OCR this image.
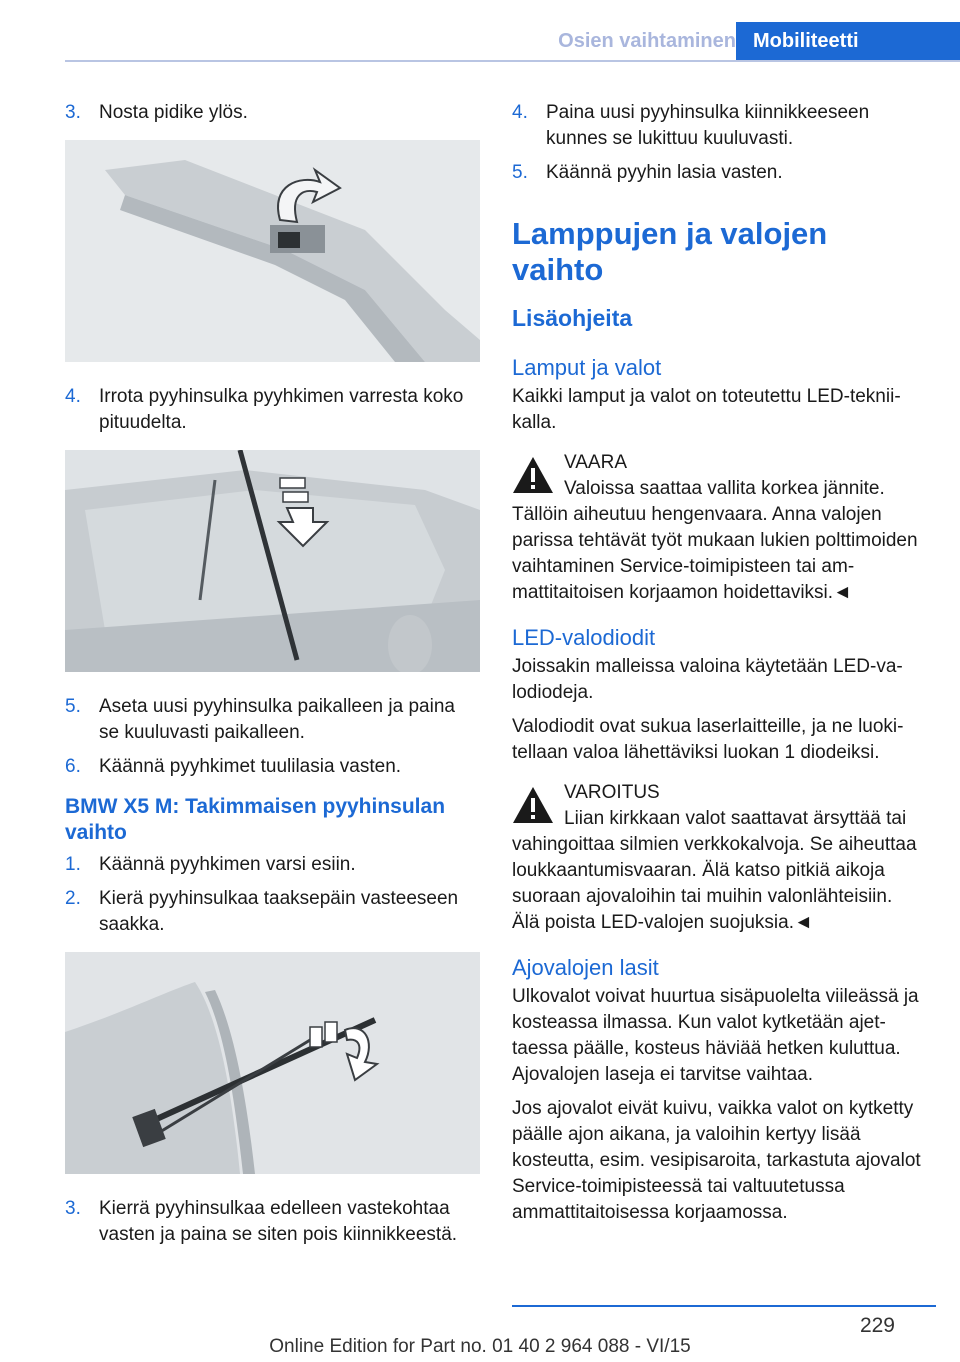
Osien vaihtaminen Mobiliteetti
3. Nosta pidike ylös.
4. Irrota pyyhinsulka pyyhkimen varresta koko pituudelta.
5. Aseta uusi pyyhinsulka paikalleen ja paina se kuuluvasti paikalleen.
6. Käännä pyyhkimet tuulilasia vasten.
BMW X5 M: Takimmaisen pyyhinsulan vaihto
1. Käännä pyyhkimen varsi esiin.
2. Kierä pyyhinsulkaa taaksepäin vasteeseen saakka.
3. Kierrä pyyhinsulkaa edelleen vastekohtaa vasten ja paina se siten pois kiinnikkeestä.
4. Paina uusi pyyhinsulka kiinnikkeeseen kunnes se lukittuu kuuluvasti.
5. Käännä pyyhin lasia vasten.
Lamppujen ja valojen vaihto
Lisäohjeita
Lamput ja valot
Kaikki lamput ja valot on toteutettu LED-tekniikalla.
VAARA
Valoissa saattaa vallita korkea jännite. Tällöin aiheutuu hengenvaara. Anna valojen parissa tehtävät työt mukaan lukien polttimoiden vaihtaminen Service-toimipisteen tai ammattitaitoisen korjaamon hoidettaviksi.◄
LED-valodiodit
Joissakin malleissa valoina käytetään LED-valodiodeja.
Valodiodit ovat sukua laserlaitteille, ja ne luokitellaan valoa lähettäviksi luokan 1 diodeiksi.
VAROITUS
Liian kirkkaan valot saattavat ärsyttää tai vahingoittaa silmien verkkokalvoja. Se aiheuttaa loukkaantumisvaaran. Älä katso pitkiä aikoja suoraan ajovaloihin tai muihin valonlähteisiin. Älä poista LED-valojen suojuksia.◄
Ajovalojen lasit
Ulkovalot voivat huurtua sisäpuolelta viileässä ja kosteassa ilmassa. Kun valot kytketään ajettaessa päälle, kosteus häviää hetken kuluttua. Ajovalojen laseja ei tarvitse vaihtaa.
Jos ajovalot eivät kuivu, vaikka valot on kytketty päälle ajon aikana, ja valoihin kertyy lisää kosteutta, esim. vesipisaroita, tarkastuta ajovalot Service-toimipisteessä tai valtuutetussa ammattitaitoisessa korjaamossa.
229
Online Edition for Part no. 01 40 2 964 088 - VI/15
